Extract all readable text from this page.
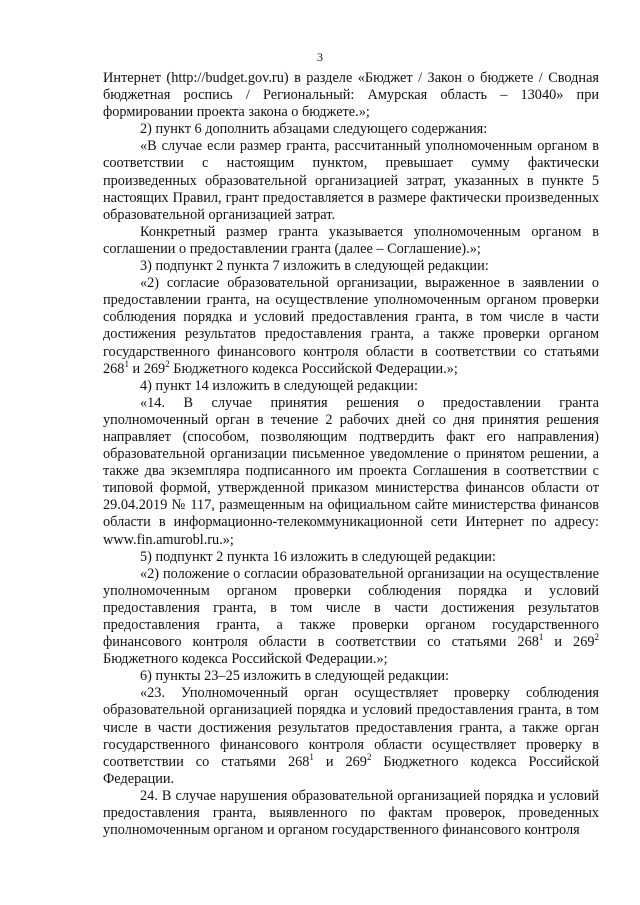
3

Интернет (http://budget.gov.ru) в разделе «Бюджет / Закон о бюджете / Сводная бюджетная роспись / Региональный: Амурская область – 13040» при формировании проекта закона о бюджете.»;

2) пункт 6 дополнить абзацами следующего содержания:

«В случае если размер гранта, рассчитанный уполномоченным органом в соответствии с настоящим пунктом, превышает сумму фактически произведенных образовательной организацией затрат, указанных в пункте 5 настоящих Правил, грант предоставляется в размере фактически произведенных образовательной организацией затрат.

Конкретный размер гранта указывается уполномоченным органом в соглашении о предоставлении гранта (далее – Соглашение).»;

3) подпункт 2 пункта 7 изложить в следующей редакции:

«2) согласие образовательной организации, выраженное в заявлении о предоставлении гранта, на осуществление уполномоченным органом проверки соблюдения порядка и условий предоставления гранта, в том числе в части достижения результатов предоставления гранта, а также проверки органом государственного финансового контроля области в соответствии со статьями $268^1$ и $269^2$ Бюджетного кодекса Российской Федерации.»;

4) пункт 14 изложить в следующей редакции:

«14. В случае принятия решения о предоставлении гранта уполномоченный орган в течение 2 рабочих дней со дня принятия решения направляет (способом, позволяющим подтвердить факт его направления) образовательной организации письменное уведомление о принятом решении, а также два экземпляра подписанного им проекта Соглашения в соответствии с типовой формой, утвержденной приказом министерства финансов области от 29.04.2019 № 117, размещенным на официальном сайте министерства финансов области в информационно-телекоммуникационной сети Интернет по адресу: www.fin.amurobl.ru.»;

5) подпункт 2 пункта 16 изложить в следующей редакции:

«2) положение о согласии образовательной организации на осуществление уполномоченным органом проверки соблюдения порядка и условий предоставления гранта, в том числе в части достижения результатов предоставления гранта, а также проверки органом государственного финансового контроля области в соответствии со статьями $268^1$ и $269^2$ Бюджетного кодекса Российской Федерации.»;

6) пункты 23–25 изложить в следующей редакции:

«23. Уполномоченный орган осуществляет проверку соблюдения образовательной организацией порядка и условий предоставления гранта, в том числе в части достижения результатов предоставления гранта, а также орган государственного финансового контроля области осуществляет проверку в соответствии со статьями $268^1$ и $269^2$ Бюджетного кодекса Российской Федерации.

24. В случае нарушения образовательной организацией порядка и условий предоставления гранта, выявленного по фактам проверок, проведенных уполномоченным органом и органом государственного финансового контроля
